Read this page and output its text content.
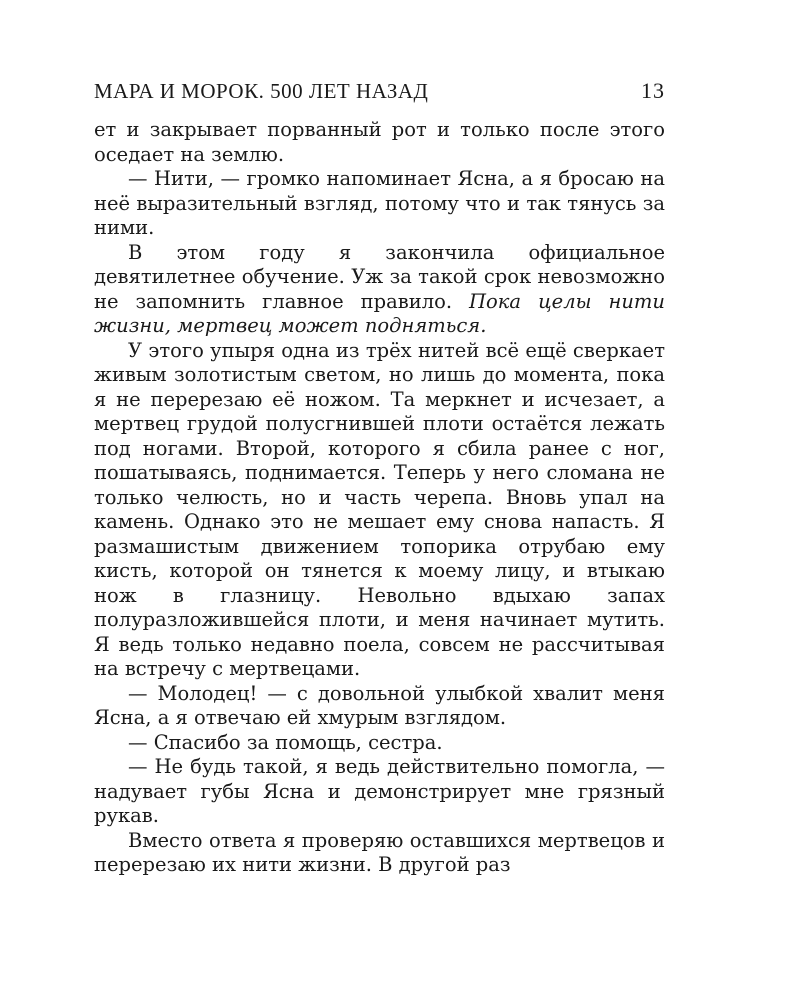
МАРА И МОРОК. 500 ЛЕТ НАЗАД	13

ет и закрывает порванный рот и только после этого оседает на землю.

— Нити, — громко напоминает Ясна, а я бросаю на неё выразительный взгляд, потому что и так тянусь за ними.

В этом году я закончила официальное девятилетнее обучение. Уж за такой срок невозможно не запомнить главное правило. Пока целы нити жизни, мертвец может подняться.

У этого упыря одна из трёх нитей всё ещё сверкает живым золотистым светом, но лишь до момента, пока я не перерезаю её ножом. Та меркнет и исчезает, а мертвец грудой полусгнившей плоти остаётся лежать под ногами. Второй, которого я сбила ранее с ног, пошатываясь, поднимается. Теперь у него сломана не только челюсть, но и часть черепа. Вновь упал на камень. Однако это не мешает ему снова напасть. Я размашистым движением топорика отрубаю ему кисть, которой он тянется к моему лицу, и втыкаю нож в глазницу. Невольно вдыхаю запах полуразложившейся плоти, и меня начинает мутить. Я ведь только недавно поела, совсем не рассчитывая на встречу с мертвецами.

— Молодец! — с довольной улыбкой хвалит меня Ясна, а я отвечаю ей хмурым взглядом.

— Спасибо за помощь, сестра.

— Не будь такой, я ведь действительно помогла, — надувает губы Ясна и демонстрирует мне грязный рукав.

Вместо ответа я проверяю оставшихся мертвецов и перерезаю их нити жизни. В другой раз
